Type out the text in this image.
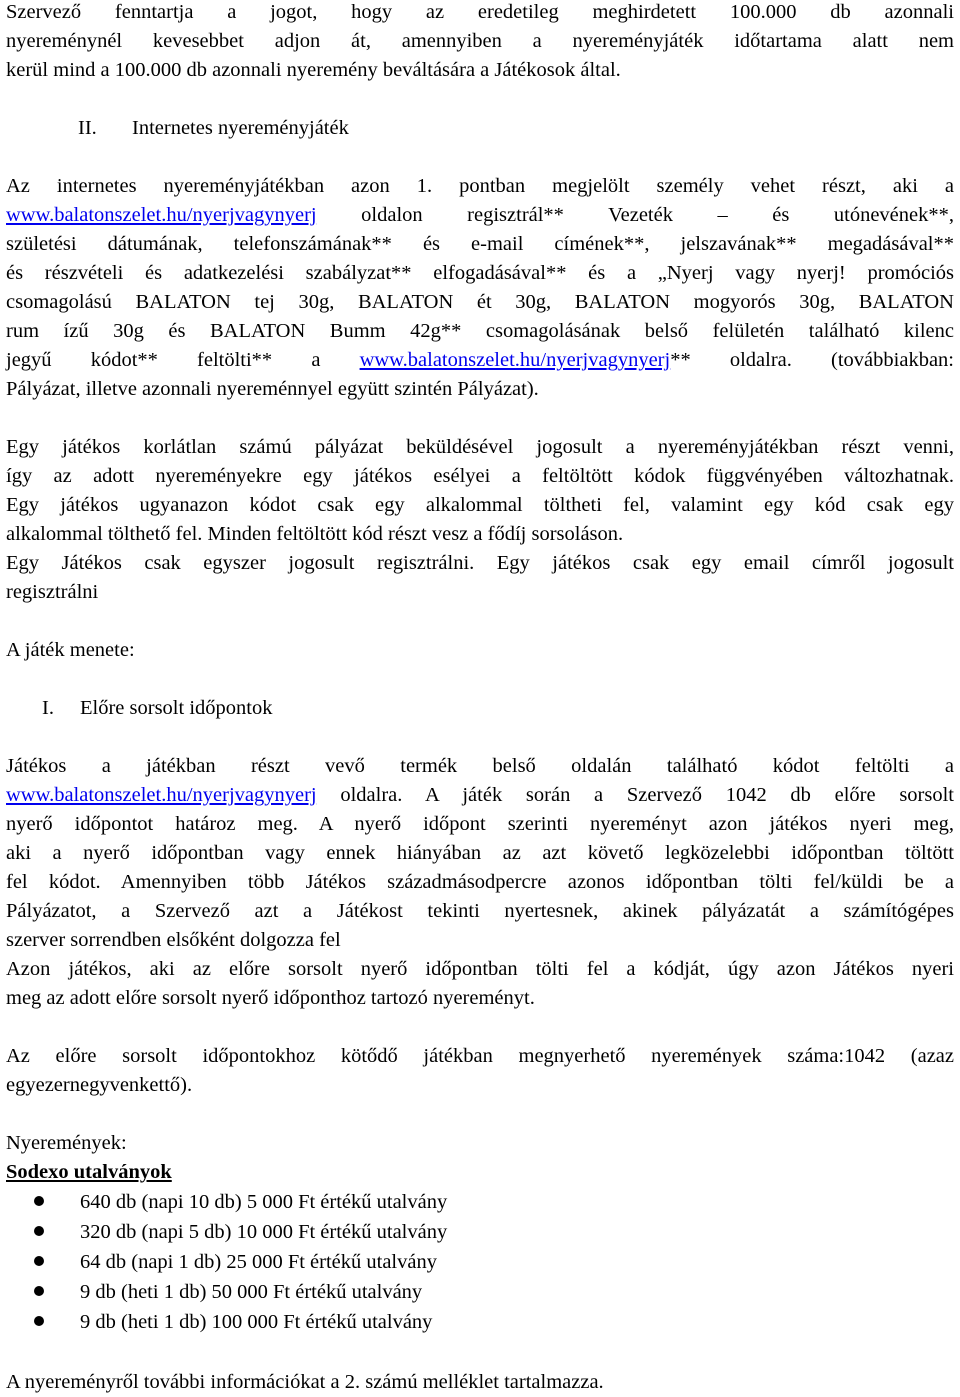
Szervező fenntartja a jogot, hogy az eredetileg meghirdetett 100.000 db azonnali
nyereménynél kevesebbet adjon át, amennyiben a nyereményjáték időtartama alatt nem
kerül mind a 100.000 db azonnali nyeremény beváltására a Játékosok által.
II. Internetes nyereményjáték
Az internetes nyereményjátékban azon 1. pontban megjelölt személy vehet részt, aki a
www.balatonszelet.hu/nyerjvagynyerj oldalon regisztrál** Vezeték – és utónevének**,
születési dátumának, telefonszámának** és e-mail címének**, jelszavának** megadásával**
és részvételi és adatkezelési szabályzat** elfogadásával** és a „Nyerj vagy nyerj! promóciós
csomagolású BALATON tej 30g, BALATON ét 30g, BALATON mogyorós 30g, BALATON
rum ízű 30g és BALATON Bumm 42g** csomagolásának belső felületén található kilenc
jegyű kódot** feltölti** a www.balatonszelet.hu/nyerjvagynyerj** oldalra. (továbbiakban:
Pályázat, illetve azonnali nyereménnyel együtt szintén Pályázat).
Egy játékos korlátlan számú pályázat beküldésével jogosult a nyereményjátékban részt venni,
így az adott nyereményekre egy játékos esélyei a feltöltött kódok függvényében változhatnak.
Egy játékos ugyanazon kódot csak egy alkalommal töltheti fel, valamint egy kód csak egy
alkalommal tölthető fel. Minden feltöltött kód részt vesz a főd​íj sorsoláson.
Egy Játékos csak egyszer jogosult regisztrálni. Egy játékos csak egy email címről jogosult
regisztrálni
A játék menete:
I. Előre sorsolt időpontok
Játékos a játékban részt vevő termék belső oldalán található kódot feltölti a
www.balatonszelet.hu/nyerjvagynyerj oldalra. A játék során a Szervező 1042 db előre sorsolt
nyerő időpontot határoz meg. A nyerő időpont szerinti nyereményt azon játékos nyeri meg,
aki a nyerő időpontban vagy ennek hiányában az azt követő legközelebbi időpontban töltött
fel kódot. Amennyiben több Játékos századmásodpercre azonos időpontban tölti fel/küldi be a
Pályázatot, a Szervező azt a Játékost tekinti nyertesnek, akinek pályázatát a számítógépes
szerver sorrendben elsőként dolgozza fel
Azon játékos, aki az előre sorsolt nyerő időpontban tölti fel a kódját, úgy azon Játékos nyeri
meg az adott előre sorsolt nyerő időponthoz tartozó nyereményt.
Az előre sorsolt időpontokhoz kötődő játékban megnyerhető nyeremények száma:1042 (azaz
egyezernegyvenkettő).
Nyeremények:
Sodexo utalványok
640 db (napi 10 db) 5 000 Ft értékű utalvány
320 db (napi 5 db) 10 000 Ft értékű utalvány
64 db (napi 1 db) 25 000 Ft értékű utalvány
9 db (heti 1 db) 50 000 Ft értékű utalvány
9 db (heti 1 db) 100 000 Ft értékű utalvány
A nyereményről további információkat a 2. számú melléklet tartalmazza.
